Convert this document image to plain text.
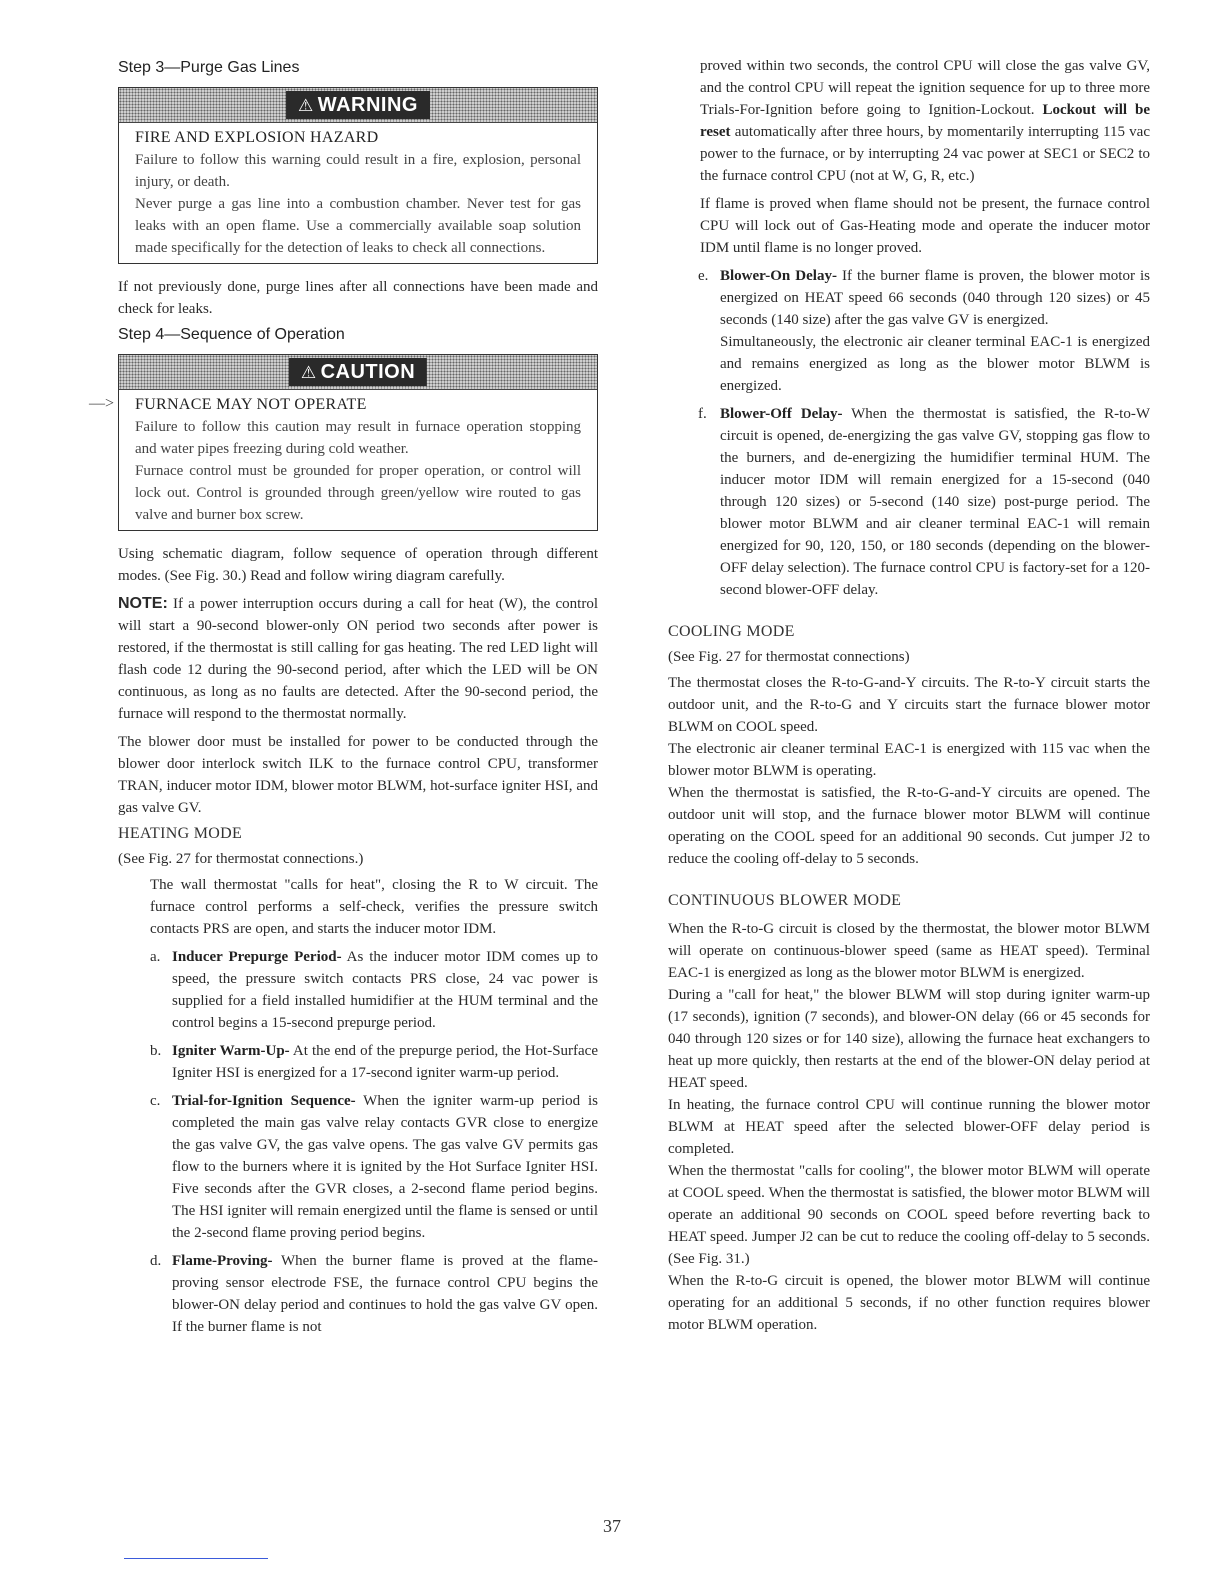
Step 3—Purge Gas Lines
⚠ WARNING
FIRE AND EXPLOSION HAZARD

Failure to follow this warning could result in a fire, explosion, personal injury, or death.

Never purge a gas line into a combustion chamber. Never test for gas leaks with an open flame. Use a commercially available soap solution made specifically for the detection of leaks to check all connections.

If not previously done, purge lines after all connections have been made and check for leaks.

Step 4—Sequence of Operation
—>
⚠ CAUTION
FURNACE MAY NOT OPERATE

Failure to follow this caution may result in furnace operation stopping and water pipes freezing during cold weather.

Furnace control must be grounded for proper operation, or control will lock out. Control is grounded through green/yellow wire routed to gas valve and burner box screw.

Using schematic diagram, follow sequence of operation through different modes. (See Fig. 30.) Read and follow wiring diagram carefully.

NOTE: If a power interruption occurs during a call for heat (W), the control will start a 90-second blower-only ON period two seconds after power is restored, if the thermostat is still calling for gas heating. The red LED light will flash code 12 during the 90-second period, after which the LED will be ON continuous, as long as no faults are detected. After the 90-second period, the furnace will respond to the thermostat normally.

The blower door must be installed for power to be conducted through the blower door interlock switch ILK to the furnace control CPU, transformer TRAN, inducer motor IDM, blower motor BLWM, hot-surface igniter HSI, and gas valve GV.

HEATING MODE
(See Fig. 27 for thermostat connections.)

The wall thermostat "calls for heat", closing the R to W circuit. The furnace control performs a self-check, verifies the pressure switch contacts PRS are open, and starts the inducer motor IDM.

a. Inducer Prepurge Period- As the inducer motor IDM comes up to speed, the pressure switch contacts PRS close, 24 vac power is supplied for a field installed humidifier at the HUM terminal and the control begins a 15-second prepurge period.

b. Igniter Warm-Up- At the end of the prepurge period, the Hot-Surface Igniter HSI is energized for a 17-second igniter warm-up period.

c. Trial-for-Ignition Sequence- When the igniter warm-up period is completed the main gas valve relay contacts GVR close to energize the gas valve GV, the gas valve opens. The gas valve GV permits gas flow to the burners where it is ignited by the Hot Surface Igniter HSI. Five seconds after the GVR closes, a 2-second flame period begins. The HSI igniter will remain energized until the flame is sensed or until the 2-second flame proving period begins.

d. Flame-Proving- When the burner flame is proved at the flame-proving sensor electrode FSE, the furnace control CPU begins the blower-ON delay period and continues to hold the gas valve GV open. If the burner flame is not

proved within two seconds, the control CPU will close the gas valve GV, and the control CPU will repeat the ignition sequence for up to three more Trials-For-Ignition before going to Ignition-Lockout. Lockout will be reset automatically after three hours, by momentarily interrupting 115 vac power to the furnace, or by interrupting 24 vac power at SEC1 or SEC2 to the furnace control CPU (not at W, G, R, etc.)

If flame is proved when flame should not be present, the furnace control CPU will lock out of Gas-Heating mode and operate the inducer motor IDM until flame is no longer proved.

e. Blower-On Delay- If the burner flame is proven, the blower motor is energized on HEAT speed 66 seconds (040 through 120 sizes) or 45 seconds (140 size) after the gas valve GV is energized.

Simultaneously, the electronic air cleaner terminal EAC-1 is energized and remains energized as long as the blower motor BLWM is energized.

f. Blower-Off Delay- When the thermostat is satisfied, the R-to-W circuit is opened, de-energizing the gas valve GV, stopping gas flow to the burners, and de-energizing the humidifier terminal HUM. The inducer motor IDM will remain energized for a 15-second (040 through 120 sizes) or 5-second (140 size) post-purge period. The blower motor BLWM and air cleaner terminal EAC-1 will remain energized for 90, 120, 150, or 180 seconds (depending on the blower-OFF delay selection). The furnace control CPU is factory-set for a 120-second blower-OFF delay.

COOLING MODE
(See Fig. 27 for thermostat connections)

The thermostat closes the R-to-G-and-Y circuits. The R-to-Y circuit starts the outdoor unit, and the R-to-G and Y circuits start the furnace blower motor BLWM on COOL speed.

The electronic air cleaner terminal EAC-1 is energized with 115 vac when the blower motor BLWM is operating.

When the thermostat is satisfied, the R-to-G-and-Y circuits are opened. The outdoor unit will stop, and the furnace blower motor BLWM will continue operating on the COOL speed for an additional 90 seconds. Cut jumper J2 to reduce the cooling off-delay to 5 seconds.

CONTINUOUS BLOWER MODE

When the R-to-G circuit is closed by the thermostat, the blower motor BLWM will operate on continuous-blower speed (same as HEAT speed). Terminal EAC-1 is energized as long as the blower motor BLWM is energized.

During a "call for heat," the blower BLWM will stop during igniter warm-up (17 seconds), ignition (7 seconds), and blower-ON delay (66 or 45 seconds for 040 through 120 sizes or for 140 size), allowing the furnace heat exchangers to heat up more quickly, then restarts at the end of the blower-ON delay period at HEAT speed.

In heating, the furnace control CPU will continue running the blower motor BLWM at HEAT speed after the selected blower-OFF delay period is completed.

When the thermostat "calls for cooling", the blower motor BLWM will operate at COOL speed. When the thermostat is satisfied, the blower motor BLWM will operate an additional 90 seconds on COOL speed before reverting back to HEAT speed. Jumper J2 can be cut to reduce the cooling off-delay to 5 seconds. (See Fig. 31.)

When the R-to-G circuit is opened, the blower motor BLWM will continue operating for an additional 5 seconds, if no other function requires blower motor BLWM operation.

37
